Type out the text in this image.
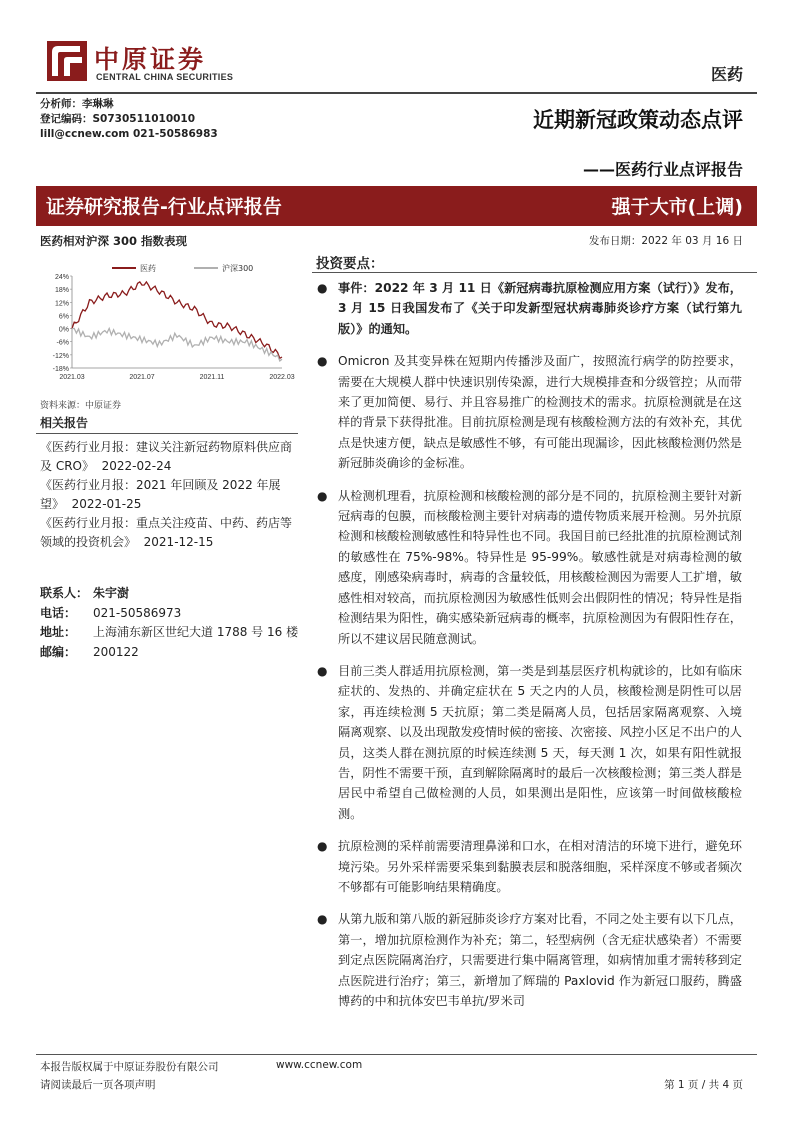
中原证券
CENTRAL CHINA SECURITIES	医药
分析师：李琳琳
登记编码：S0730511010010
lill@ccnew.com 021-50586983
近期新冠政策动态点评
——医药行业点评报告
证券研究报告-行业点评报告	强于大市(上调)
医药相对沪深 300 指数表现
24%
18%
12%
6%
0%
-6%
-12%
-18%
2021.03	2021.07	2021.11	2022.03
医药	沪深300
资料来源：中原证券
相关报告
《医药行业月报：建议关注新冠药物原料供应商及 CRO》 2022-02-24
《医药行业月报：2021 年回顾及 2022 年展望》 2022-01-25
《医药行业月报：重点关注疫苗、中药、药店等领域的投资机会》 2021-12-15
联系人： 朱宇澍
电话：	021-50586973
地址：	上海浦东新区世纪大道 1788 号 16 楼
邮编：	200122
发布日期：2022 年 03 月 16 日
投资要点：
● 事件：2022 年 3 月 11 日《新冠病毒抗原检测应用方案（试行）》发布，3 月 15 日我国发布了《关于印发新型冠状病毒肺炎诊疗方案（试行第九版）》的通知。
● Omicron 及其变异株在短期内传播涉及面广，按照流行病学的防控要求，需要在大规模人群中快速识别传染源，进行大规模排查和分级管控；从而带来了更加简便、易行、并且容易推广的检测技术的需求。抗原检测就是在这样的背景下获得批准。目前抗原检测是现有核酸检测方法的有效补充，其优点是快速方便，缺点是敏感性不够，有可能出现漏诊，因此核酸检测仍然是新冠肺炎确诊的金标准。
● 从检测机理看，抗原检测和核酸检测的部分是不同的，抗原检测主要针对新冠病毒的包膜，而核酸检测主要针对病毒的遗传物质来展开检测。另外抗原检测和核酸检测敏感性和特异性也不同。我国目前已经批准的抗原检测试剂的敏感性在 75%-98%。特异性是 95-99%。敏感性就是对病毒检测的敏感度，刚感染病毒时，病毒的含量较低，用核酸检测因为需要人工扩增，敏感性相对较高，而抗原检测因为敏感性低则会出假阴性的情况；特异性是指检测结果为阳性，确实感染新冠病毒的概率，抗原检测因为有假阳性存在，所以不建议居民随意测试。
● 目前三类人群适用抗原检测，第一类是到基层医疗机构就诊的，比如有临床症状的、发热的、并确定症状在 5 天之内的人员，核酸检测是阴性可以居家，再连续检测 5 天抗原；第二类是隔离人员，包括居家隔离观察、入境隔离观察、以及出现散发疫情时候的密接、次密接、风控小区足不出户的人员，这类人群在测抗原的时候连续测 5 天，每天测 1 次，如果有阳性就报告，阴性不需要干预，直到解除隔离时的最后一次核酸检测；第三类人群是居民中希望自己做检测的人员，如果测出是阳性，应该第一时间做核酸检测。
● 抗原检测的采样前需要清理鼻涕和口水，在相对清洁的环境下进行，避免环境污染。另外采样需要采集到黏膜表层和脱落细胞，采样深度不够或者频次不够都有可能影响结果精确度。
● 从第九版和第八版的新冠肺炎诊疗方案对比看，不同之处主要有以下几点，第一，增加抗原检测作为补充；第二，轻型病例（含无症状感染者）不需要到定点医院隔离治疗，只需要进行集中隔离管理，如病情加重才需转移到定点医院进行治疗；第三，新增加了辉瑞的 Paxlovid 作为新冠口服药，腾盛博药的中和抗体安巴韦单抗/罗米司
本报告版权属于中原证券股份有限公司	www.ccnew.com
请阅读最后一页各项声明	第 1 页 / 共 4 页
